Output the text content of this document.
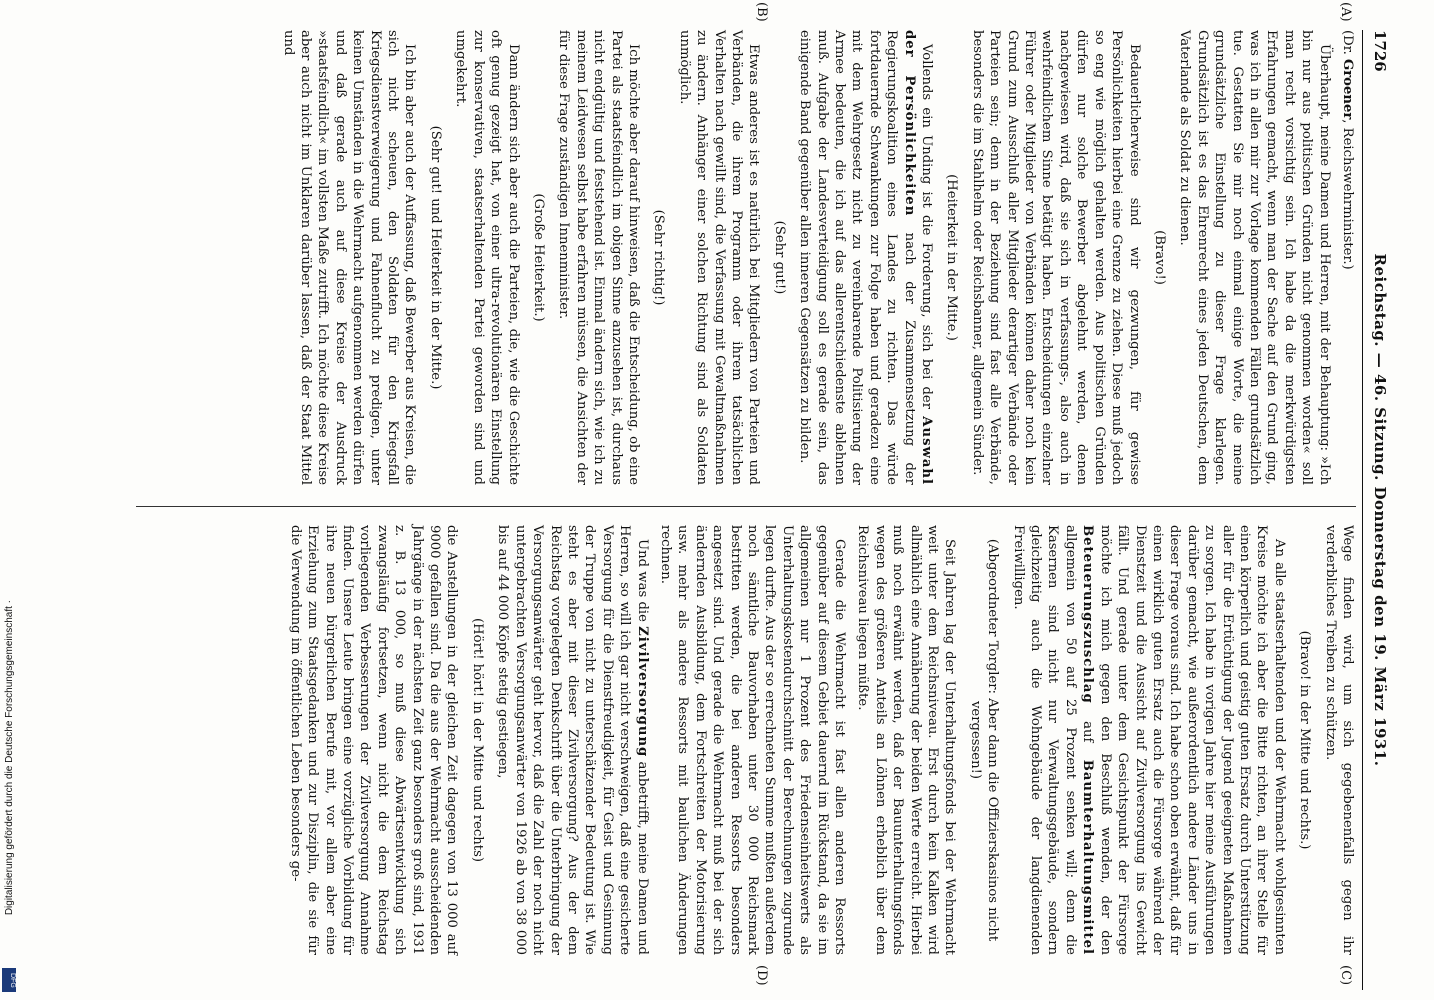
1726
Reichstag. — 46. Sitzung. Donnerstag den 19. März 1931.
(A)
(B)

(Dr. Groener, Reichswehrminister.)

Überhaupt, meine Damen und Herren, mit der Behauptung: »Ich bin nur aus politischen Gründen nicht genommen worden« soll man recht vorsichtig sein. Ich habe da die merkwürdigsten Erfahrungen gemacht, wenn man der Sache auf den Grund ging, was ich in allen mir zur Vorlage kommenden Fällen grundsätzlich tue. Gestatten Sie mir noch einmal einige Worte, die meine grundsätzliche Einstellung zu dieser Frage klarlegen. Grundsätzlich ist es das Ehrenrecht eines jeden Deutschen, dem Vaterlande als Soldat zu dienen.

(Bravo!)

Bedauerlicherweise sind wir gezwungen, für gewisse Persönlichkeiten hierbei eine Grenze zu ziehen. Diese muß jedoch so eng wie möglich gehalten werden. Aus politischen Gründen dürfen nur solche Bewerber abgelehnt werden, denen nachgewiesen wird, daß sie sich in verfassungs-, also auch in wehrfeindlichem Sinne betätigt haben. Entscheidungen einzelner Führer oder Mitglieder von Verbänden können daher noch kein Grund zum Ausschluß aller Mitglieder derartiger Verbände oder Parteien sein; denn in der Beziehung sind fast alle Verbände, besonders die im Stahlhelm oder Reichsbanner, allgemein Sünder.

(Heiterkeit in der Mitte.)

Vollends ein Unding ist die Forderung, sich bei der Auswahl der Persönlichkeiten nach der Zusammensetzung der Regierungskoalition eines Landes zu richten. Das würde fortdauernde Schwankungen zur Folge haben und geradezu eine mit dem Wehrgesetz nicht zu vereinbarende Politisierung der Armee bedeuten, die ich auf das allerentschiedenste ablehnen muß. Aufgabe der Landesverteidigung soll es gerade sein, das einigende Band gegenüber allen inneren Gegensätzen zu bilden.

(Sehr gut!)

Etwas anderes ist es natürlich bei Mitgliedern von Parteien und Verbänden, die ihrem Programm oder ihrem tatsächlichen Verhalten nach gewillt sind, die Verfassung mit Gewaltmaßnahmen zu ändern. Anhänger einer solchen Richtung sind als Soldaten unmöglich.

(Sehr richtig!)

Ich möchte aber darauf hinweisen, daß die Entscheidung, ob eine Partei als staatsfeindlich im obigen Sinne anzusehen ist, durchaus nicht endgültig und feststehend ist. Einmal ändern sich, wie ich zu meinem Leidwesen selbst habe erfahren müssen, die Ansichten der für diese Frage zuständigen Innenminister.

(Große Heiterkeit.)

Dann ändern sich aber auch die Parteien, die, wie die Geschichte oft genug gezeigt hat, von einer ultra-revolutionären Einstellung zur konservativen, staatserhaltenden Partei geworden sind und umgekehrt.

(Sehr gut! und Heiterkeit in der Mitte.)

Ich bin aber auch der Auffassung, daß Bewerber aus Kreisen, die sich nicht scheuen, den Soldaten für den Kriegsfall Kriegsdienstverweigerung und Fahnenflucht zu predigen, unter keinen Umständen in die Wehrmacht aufgenommen werden dürfen und daß gerade auch auf diese Kreise der Ausdruck »staatsfeindlich« im vollsten Maße zutrifft. Ich möchte diese Kreise aber auch nicht im Unklaren darüber lassen, daß der Staat Mittel und

(C)
(D)

Wege finden wird, um sich gegebenenfalls gegen ihr verderbliches Treiben zu schützen.

(Bravo! in der Mitte und rechts.)

An alle staatserhaltenden und der Wehrmacht wohlgesinnten Kreise möchte ich aber die Bitte richten, an ihrer Stelle für einen körperlich und geistig guten Ersatz durch Unterstützung aller für die Ertüchtigung der Jugend geeigneten Maßnahmen zu sorgen. Ich habe in vorigen Jahre hier meine Ausführungen darüber gemacht, wie außerordentlich andere Länder uns in dieser Frage voraus sind. Ich habe schon oben erwähnt, daß für einen wirklich guten Ersatz auch die Fürsorge während der Dienstzeit und die Aussicht auf Zivilversorgung ins Gewicht fällt. Und gerade unter dem Gesichtspunkt der Fürsorge möchte ich mich gegen den Beschluß wenden, der den Beteuerungszuschlag auf Baumterhaltungsmittel allgemein von 50 auf 25 Prozent senken will; denn die Kasernen sind nicht nur Verwaltungsgebäude, sondern gleichzeitig auch die Wohngebäude der langdienenden Freiwilligen.

(Abgeordneter Torgler: Aber dann die Offizierskasinos nicht vergessen!)

Seit Jahren lag der Unterhaltungsfonds bei der Wehrmacht weit unter dem Reichsniveau. Erst durch kein Kalken wird allmählich eine Annäherung der beiden Werte erreicht. Hierbei muß noch erwähnt werden, daß der Bauunterhaltungsfonds wegen des größeren Anteils an Löhnen erheblich über dem Reichsniveau liegen müßte.

Gerade die Wehrmacht ist fast allen anderen Ressorts gegenüber auf diesem Gebiet dauernd im Rückstand, da sie im allgemeinen nur 1 Prozent des Friedenseinheitswerts als Unterhaltungskostendurchschnitt der Berechnungen zugrunde legen durfte. Aus der so errechneten Summe mußten außerdem noch sämtliche Bauvorhaben unter 30 000 Reichsmark bestritten werden, die bei anderen Ressorts besonders angesetzt sind. Und gerade die Wehrmacht muß bei der sich ändernden Ausbildung, dem Fortschreiten der Motorisierung usw. mehr als andere Ressorts mit baulichen Änderungen rechnen.

Und was die Zivilversorgung anbetrifft, meine Damen und Herren, so will ich gar nicht verschweigen, daß eine gesicherte Versorgung für die Dienstfreudigkeit, für Geist und Gesinnung der Truppe von nicht zu unterschätzender Bedeutung ist. Wie steht es aber mit dieser Zivilversorgung? Aus der dem Reichstag vorgelegten Denkschrift über die Unterbringung der Versorgungsanwärter geht hervor, daß die Zahl der noch nicht untergebrachten Versorgungsanwärter von 1926 ab von 38 000 bis auf 44 000 Köpfe stetig gestiegen,

(Hört! hört! in der Mitte und rechts)

die Anstellungen in der gleichen Zeit dagegen von 13 000 auf 9000 gefallen sind. Da die aus der Wehrmacht ausscheidenden Jahrgänge in der nächsten Zeit ganz besonders groß sind, 1931 z. B. 13 000, so muß diese Abwärtsentwicklung sich zwangsläufig fortsetzen, wenn nicht die dem Reichstag vorliegenden Verbesserungen der Zivilversorgung Annahme finden. Unsere Leute bringen eine vorzügliche Vorbildung für ihre neuen bürgerlichen Berufe mit, vor allem aber eine Erziehung zum Staatsgedanken und zur Disziplin, die sie für die Verwendung im öffentlichen Leben besonders ge-

Digitalisierung gefördert durch die Deutsche Forschungsgemeinschaft ·
DFG
